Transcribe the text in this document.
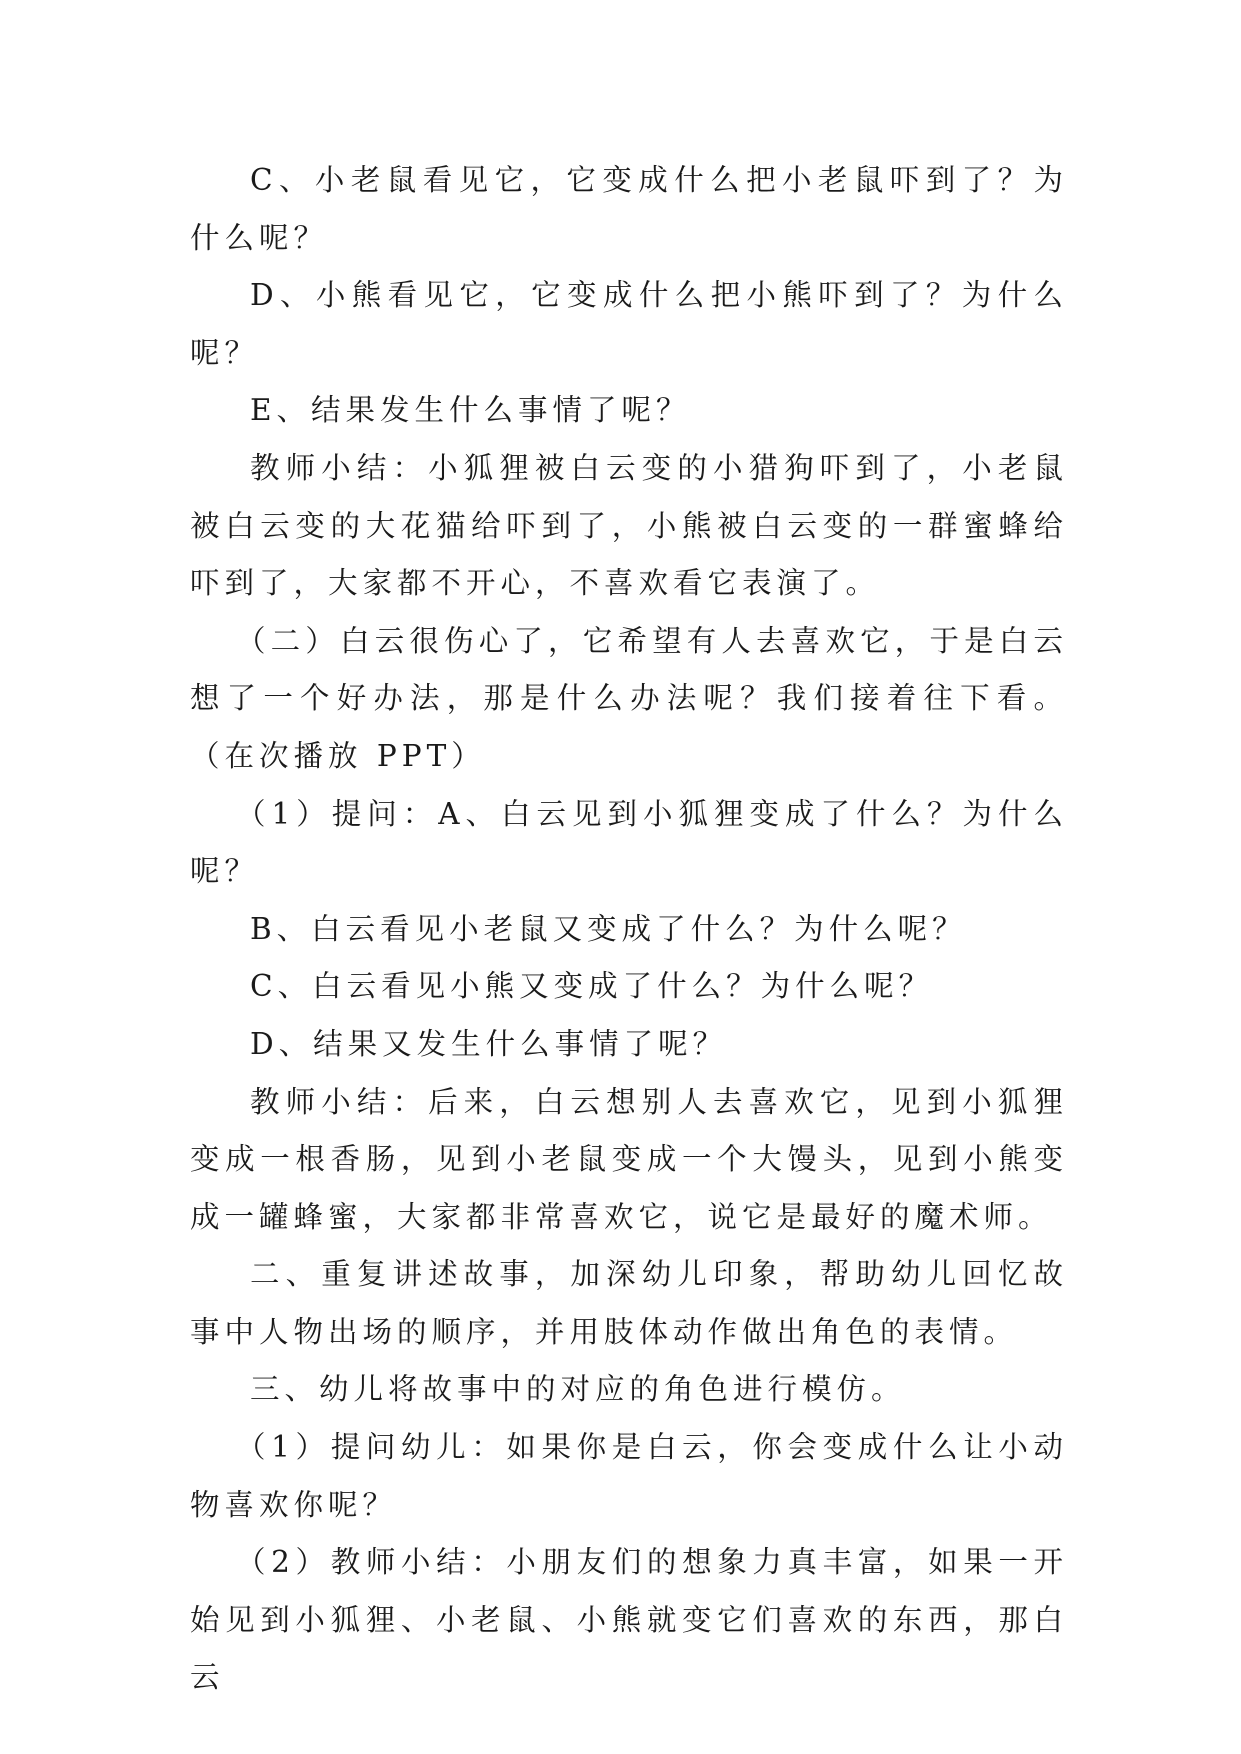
C、小老鼠看见它，它变成什么把小老鼠吓到了？为什么呢？

D、小熊看见它，它变成什么把小熊吓到了？为什么呢？

E、结果发生什么事情了呢？

教师小结：小狐狸被白云变的小猎狗吓到了，小老鼠被白云变的大花猫给吓到了，小熊被白云变的一群蜜蜂给吓到了，大家都不开心，不喜欢看它表演了。

（二）白云很伤心了，它希望有人去喜欢它，于是白云想了一个好办法，那是什么办法呢？我们接着往下看。（在次播放 PPT）

（1）提问：A、白云见到小狐狸变成了什么？为什么呢？

B、白云看见小老鼠又变成了什么？为什么呢？

C、白云看见小熊又变成了什么？为什么呢？

D、结果又发生什么事情了呢？

教师小结：后来，白云想别人去喜欢它，见到小狐狸变成一根香肠，见到小老鼠变成一个大馒头，见到小熊变成一罐蜂蜜，大家都非常喜欢它，说它是最好的魔术师。

二、重复讲述故事，加深幼儿印象，帮助幼儿回忆故事中人物出场的顺序，并用肢体动作做出角色的表情。

三、幼儿将故事中的对应的角色进行模仿。

（1）提问幼儿：如果你是白云，你会变成什么让小动物喜欢你呢？

（2）教师小结：小朋友们的想象力真丰富，如果一开始见到小狐狸、小老鼠、小熊就变它们喜欢的东西，那白云
